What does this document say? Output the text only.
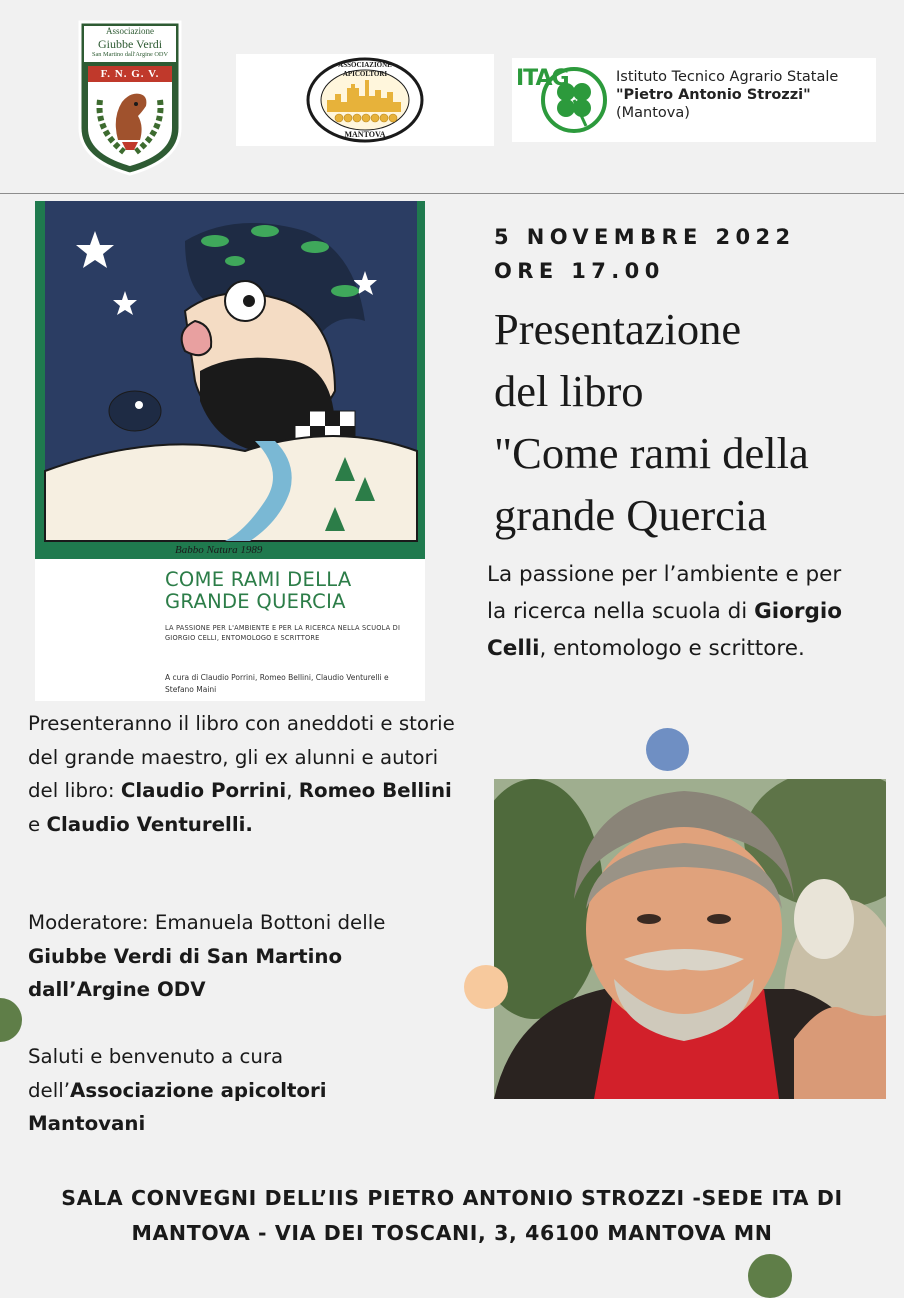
Associazione
Giubbe Verdi
San Martino dall'Argine ODV
F. N. G. V.
ASSOCIAZIONE APICOLTORI
MANTOVA
ITAG	Istituto Tecnico Agrario Statale
"Pietro Antonio Strozzi"
(Mantova)
Babbo Natura 1989
COME RAMI DELLA GRANDE QUERCIA
LA PASSIONE PER L'AMBIENTE E PER LA RICERCA NELLA SCUOLA DI GIORGIO CELLI, ENTOMOLOGO E SCRITTORE
A cura di Claudio Porrini, Romeo Bellini, Claudio Venturelli e Stefano Maini
5 NOVEMBRE 2022
ORE 17.00
Presentazione
del libro
"Come rami della
grande Quercia
La passione per l’ambiente e per la ricerca nella scuola di Giorgio Celli, entomologo e scrittore.
Presenteranno il libro con aneddoti e storie del grande maestro, gli ex alunni e autori del libro: Claudio Porrini, Romeo Bellini e Claudio Venturelli.
Moderatore: Emanuela Bottoni delle Giubbe Verdi di San Martino dall’Argine ODV
Saluti e benvenuto a cura dell’Associazione apicoltori Mantovani
SALA CONVEGNI DELL’IIS PIETRO ANTONIO STROZZI -SEDE ITA DI
MANTOVA - VIA DEI TOSCANI, 3, 46100 MANTOVA MN
